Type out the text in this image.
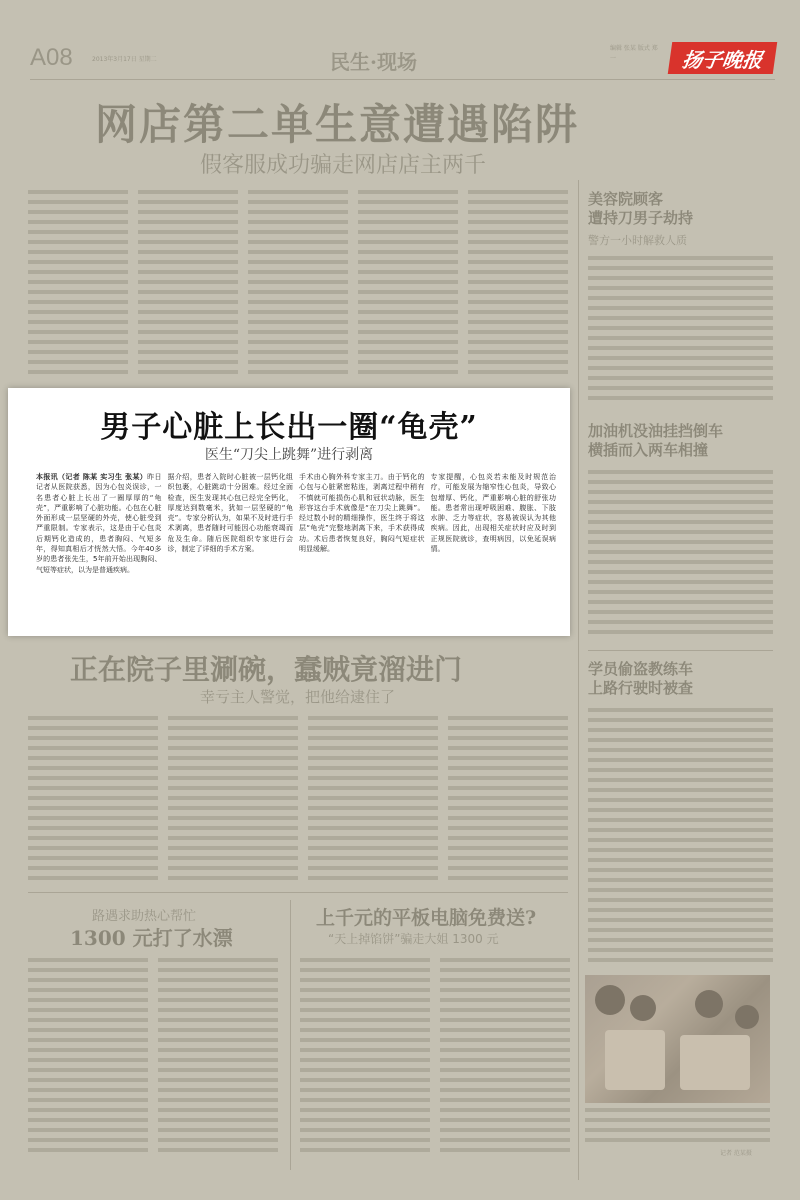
A08	2013年3月17日 星期二	民生·现场
编辑 张某 版式 郑一	扬子晚报
网店第二单生意遭遇陷阱
假客服成功骗走网店店主两千
美容院顾客
遭持刀男子劫持
警方一小时解救人质
加油机没油挂挡倒车
横插而入两车相撞
学员偷盗教练车
上路行驶时被查
正在院子里涮碗，蠢贼竟溜进门
幸亏主人警觉，把他给逮住了
路遇求助热心帮忙
1300 元打了水漂
上千元的平板电脑免费送?
“天上掉馅饼”骗走大姐 1300 元
记者 范某摄
男子心脏上长出一圈“龟壳”
医生“刀尖上跳舞”进行剥离
本报讯（记者 陈某 实习生 张某）昨日记者从医院获悉，因为心包炎误诊，一名患者心脏上长出了一圈厚厚的“龟壳”，严重影响了心脏功能。心包在心脏外面形成一层坚硬的外壳，使心脏受到严重限制。专家表示，这是由于心包炎后期钙化造成的，患者胸闷、气短多年，得知真相后才恍然大悟。今年40多岁的患者张先生，5年前开始出现胸闷、气短等症状，以为是普通疾病。
据介绍，患者入院时心脏被一层钙化组织包裹，心脏跳动十分困难。经过全面检查，医生发现其心包已经完全钙化，厚度达到数毫米，犹如一层坚硬的“龟壳”。专家分析认为，如果不及时进行手术剥离，患者随时可能因心功能衰竭而危及生命。随后医院组织专家进行会诊，制定了详细的手术方案。
手术由心胸外科专家主刀。由于钙化的心包与心脏紧密粘连，剥离过程中稍有不慎就可能损伤心肌和冠状动脉，医生形容这台手术就像是“在刀尖上跳舞”。经过数小时的精细操作，医生终于将这层“龟壳”完整地剥离下来，手术获得成功。术后患者恢复良好，胸闷气短症状明显缓解。
专家提醒，心包炎若未能及时规范治疗，可能发展为缩窄性心包炎，导致心包增厚、钙化，严重影响心脏的舒张功能。患者常出现呼吸困难、腹胀、下肢水肿、乏力等症状，容易被误认为其他疾病。因此，出现相关症状时应及时到正规医院就诊，查明病因，以免延误病情。
